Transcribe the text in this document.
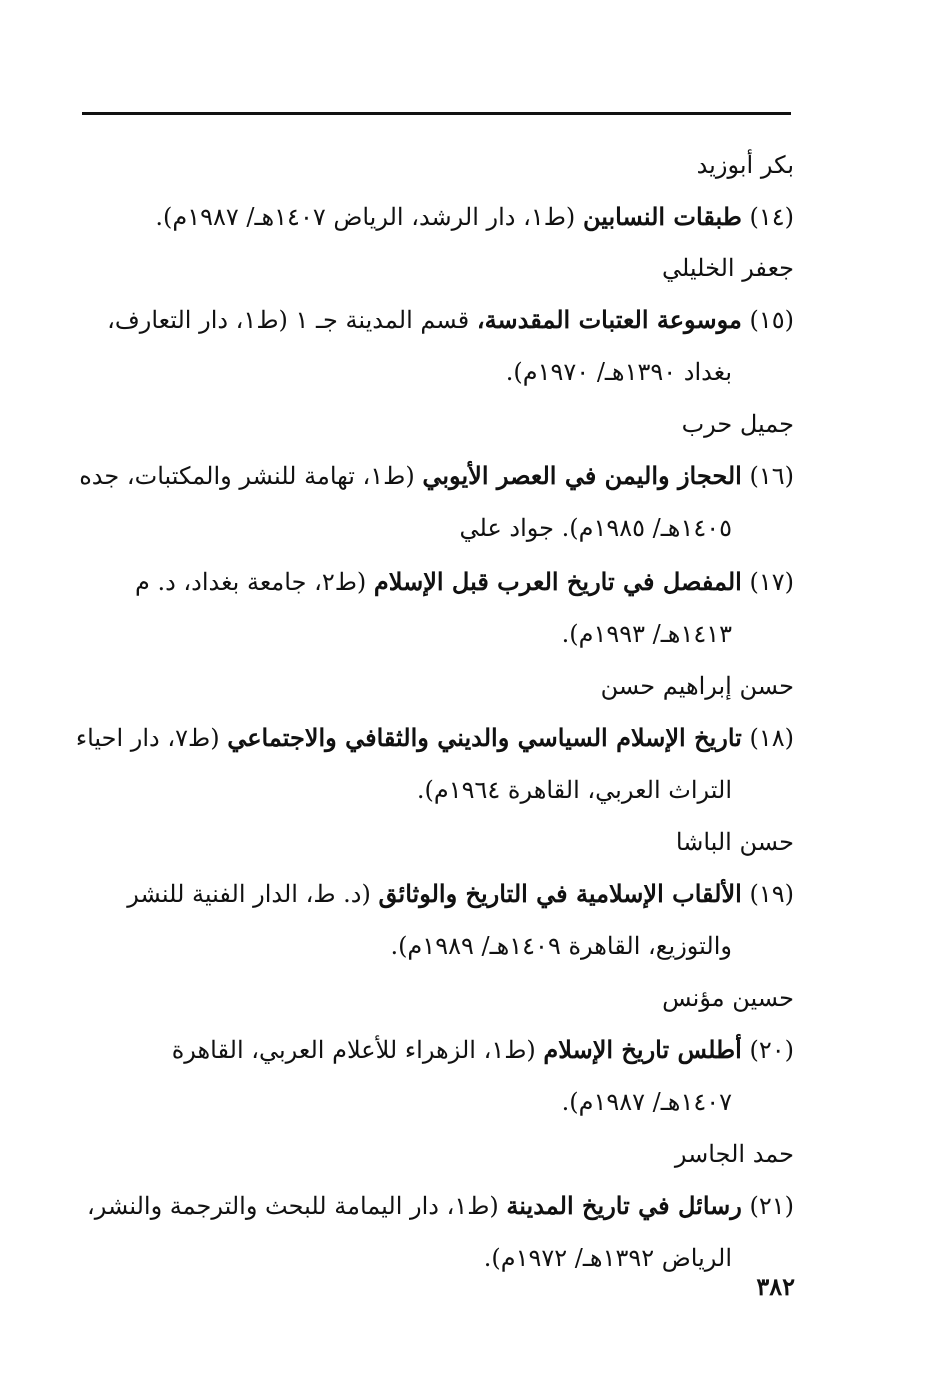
بكر أبوزيد
(١٤) طبقات النسابين (ط١، دار الرشد، الرياض ١٤٠٧هـ/ ١٩٨٧م).
جعفر الخليلي
(١٥) موسوعة العتبات المقدسة، قسم المدينة جـ ١ (ط١، دار التعارف،
بغداد ١٣٩٠هـ/ ١٩٧٠م).
جميل حرب
(١٦) الحجاز واليمن في العصر الأيوبي (ط١، تهامة للنشر والمكتبات، جده
١٤٠٥هـ/ ١٩٨٥م). جواد علي
(١٧) المفصل في تاريخ العرب قبل الإسلام (ط٢، جامعة بغداد، د. م
١٤١٣هـ/ ١٩٩٣م).
حسن إبراهيم حسن
(١٨) تاريخ الإسلام السياسي والديني والثقافي والاجتماعي (ط٧، دار احياء
التراث العربي، القاهرة ١٩٦٤م).
حسن الباشا
(١٩) الألقاب الإسلامية في التاريخ والوثائق (د. ط، الدار الفنية للنشر
والتوزيع، القاهرة ١٤٠٩هـ/ ١٩٨٩م).
حسين مؤنس
(٢٠) أطلس تاريخ الإسلام (ط١، الزهراء للأعلام العربي، القاهرة
١٤٠٧هـ/ ١٩٨٧م).
حمد الجاسر
(٢١) رسائل في تاريخ المدينة (ط١، دار اليمامة للبحث والترجمة والنشر،
الرياض ١٣٩٢هـ/ ١٩٧٢م).
٣٨٢
